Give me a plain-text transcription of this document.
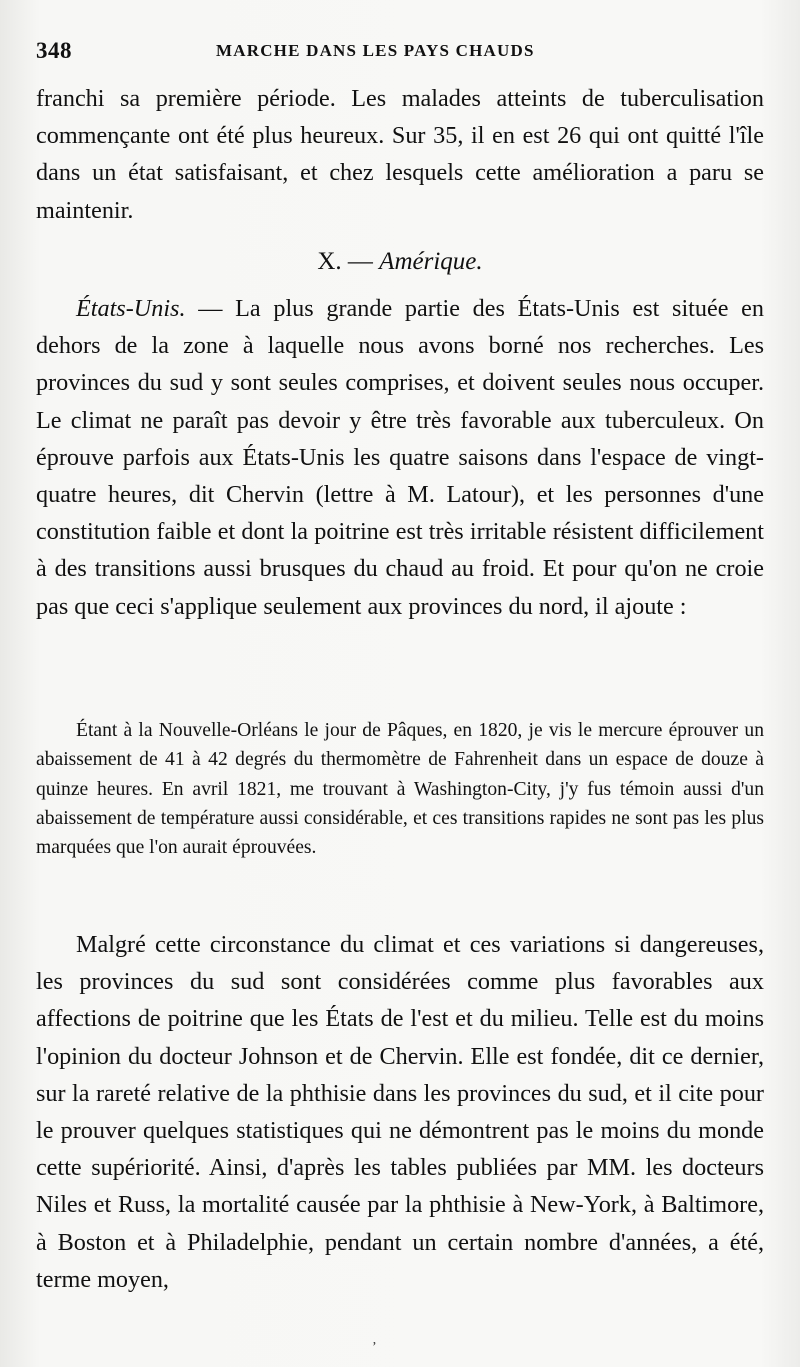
348	MARCHE DANS LES PAYS CHAUDS

franchi sa première période. Les malades atteints de tuberculisation commençante ont été plus heureux. Sur 35, il en est 26 qui ont quitté l'île dans un état satisfaisant, et chez lesquels cette amélioration a paru se maintenir.

X. — Amérique.

États-Unis. — La plus grande partie des États-Unis est située en dehors de la zone à laquelle nous avons borné nos recherches. Les provinces du sud y sont seules comprises, et doivent seules nous occuper. Le climat ne paraît pas devoir y être très favorable aux tuberculeux. On éprouve parfois aux États-Unis les quatre saisons dans l'espace de vingt-quatre heures, dit Chervin (lettre à M. Latour), et les personnes d'une constitution faible et dont la poitrine est très irritable résistent difficilement à des transitions aussi brusques du chaud au froid. Et pour qu'on ne croie pas que ceci s'applique seulement aux provinces du nord, il ajoute :

Étant à la Nouvelle-Orléans le jour de Pâques, en 1820, je vis le mercure éprouver un abaissement de 41 à 42 degrés du thermomètre de Fahrenheit dans un espace de douze à quinze heures. En avril 1821, me trouvant à Washington-City, j'y fus témoin aussi d'un abaissement de température aussi considérable, et ces transitions rapides ne sont pas les plus marquées que l'on aurait éprouvées.

Malgré cette circonstance du climat et ces variations si dangereuses, les provinces du sud sont considérées comme plus favorables aux affections de poitrine que les États de l'est et du milieu. Telle est du moins l'opinion du docteur Johnson et de Chervin. Elle est fondée, dit ce dernier, sur la rareté relative de la phthisie dans les provinces du sud, et il cite pour le prouver quelques statistiques qui ne démontrent pas le moins du monde cette supériorité. Ainsi, d'après les tables publiées par MM. les docteurs Niles et Russ, la mortalité causée par la phthisie à New-York, à Baltimore, à Boston et à Philadelphie, pendant un certain nombre d'années, a été, terme moyen,

ʼ
